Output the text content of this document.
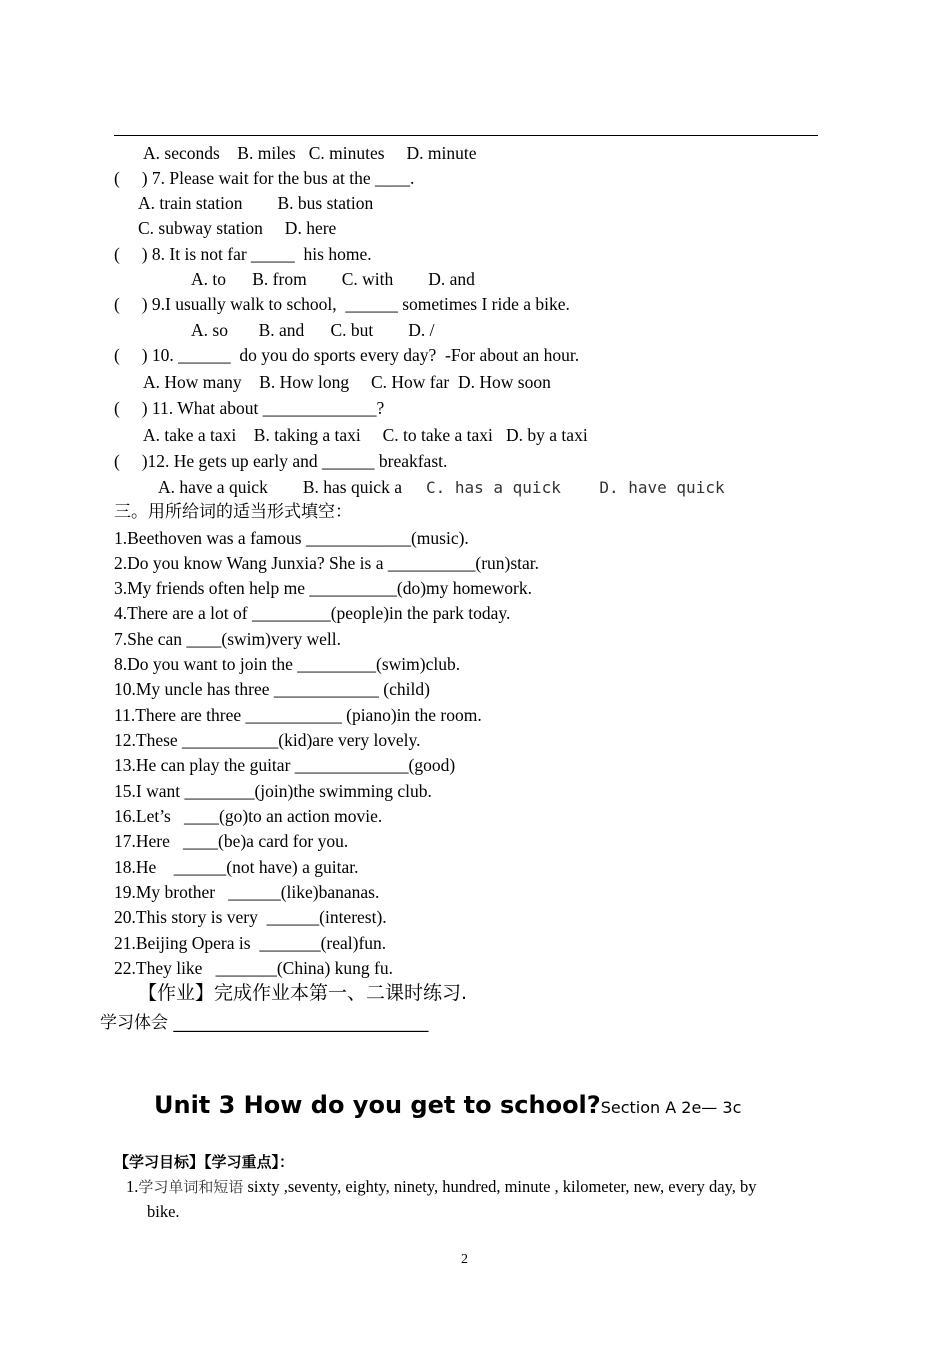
A. seconds    B. miles   C. minutes     D. minute
(     ) 7. Please wait for the bus at the ____.
A. train station        B. bus station
C. subway station     D. here
(     ) 8. It is not far _____  his home.
A. to      B. from        C. with        D. and
(     ) 9.I usually walk to school,  ______ sometimes I ride a bike.
A. so       B. and      C. but        D. /
(     ) 10. ______  do you do sports every day?  -For about an hour.
A. How many    B. How long     C. How far  D. How soon
(     ) 11. What about _____________?
A. take a taxi    B. taking a taxi     C. to take a taxi   D. by a taxi
(     )12. He gets up early and ______ breakfast.
A. have a quick        B. has quick a C. has a quick    D. have quick
三。用所给词的适当形式填空：
1.Beethoven was a famous ____________(music).
2.Do you know Wang Junxia? She is a __________(run)star.
3.My friends often help me __________(do)my homework.
4.There are a lot of _________(people)in the park today.
7.She can ____(swim)very well.
8.Do you want to join the _________(swim)club.
10.My uncle has three ____________ (child)
11.There are three ___________ (piano)in the room.
12.These ___________(kid)are very lovely.
13.He can play the guitar _____________(good)
15.I want ________(join)the swimming club.
16.Let’s   ____(go)to an action movie.
17.Here   ____(be)a card for you.
18.He    ______(not have) a guitar.
19.My brother   ______(like)bananas.
20.This story is very  ______(interest).
21.Beijing Opera is  _______(real)fun.
22.They like   _______(China) kung fu.
【作业】完成作业本第一、二课时练习.
学习体会 ______________________________
Unit 3 How do you get to school?Section A 2e— 3c
【学习目标】【学习重点】：
1.学习单词和短语 sixty ,seventy, eighty, ninety, hundred, minute , kilometer, new, every day, by
bike.
2
